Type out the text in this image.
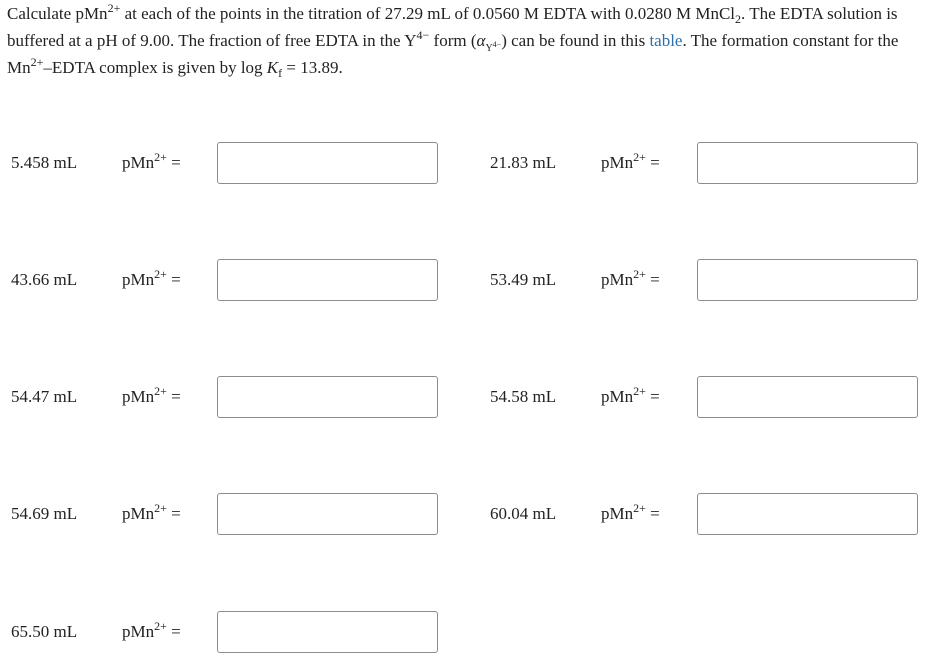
Calculate pMn$^{2+}$ at each of the points in the titration of 27.29 mL of 0.0560 M EDTA with 0.0280 M MnCl$_2$. The EDTA solution is buffered at a pH of 9.00. The fraction of free EDTA in the $Y^{4-}$ form $(\alpha_{Y^{4-}})$ can be found in this table. The formation constant for the $Mn^{2+}$–EDTA complex is given by $\log K_f = 13.89$.

5.458 mL	pMn$^{2+}$ =	21.83 mL	pMn$^{2+}$ =
43.66 mL	pMn$^{2+}$ =	53.49 mL	pMn$^{2+}$ =
54.47 mL	pMn$^{2+}$ =	54.58 mL	pMn$^{2+}$ =
54.69 mL	pMn$^{2+}$ =	60.04 mL	pMn$^{2+}$ =
65.50 mL	pMn$^{2+}$ =
